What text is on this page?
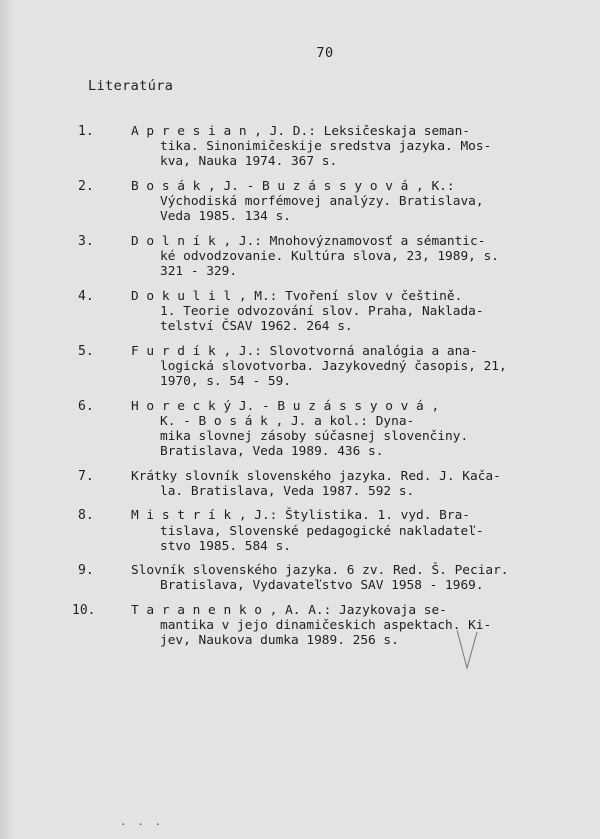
70
Literatúra
1.	A p r e s i a n , J. D.: Leksičeskaja seman-
tika. Sinonimičeskije sredstva jazyka. Mos-
kva, Nauka 1974. 367 s.
2.	B o s á k , J. - B u z á s s y o v á , K.:
Východiská morfémovej analýzy. Bratislava,
Veda 1985. 134 s.
3.	D o l n í k , J.: Mnohovýznamovosť a sémantic-
ké odvodzovanie. Kultúra slova, 23, 1989, s.
321 - 329.
4.	D o k u l i l , M.: Tvoření slov v češtině.
1. Teorie odvozování slov. Praha, Naklada-
telství ČSAV 1962. 264 s.
5.	F u r d í k , J.: Slovotvorná analógia a ana-
logická slovotvorba. Jazykovedný časopis, 21,
1970, s. 54 - 59.
6.	H o r e c k ý J. - B u z á s s y o v á ,
K. - B o s á k , J. a kol.: Dyna-
mika slovnej zásoby súčasnej slovenčiny.
Bratislava, Veda 1989. 436 s.
7.	Krátky slovník slovenského jazyka. Red. J. Kača-
la. Bratislava, Veda 1987. 592 s.
8.	M i s t r í k , J.: Štylistika. 1. vyd. Bra-
tislava, Slovenské pedagogické nakladateľ-
stvo 1985. 584 s.
9.	Slovník slovenského jazyka. 6 zv. Red. Š. Peciar.
Bratislava, Vydavateľstvo SAV 1958 - 1969.
10.	T a r a n e n k o , A. A.: Jazykovaja se-
mantika v jejo dinamičeskich aspektach. Ki-
jev, Naukova dumka 1989. 256 s.
· · ·
